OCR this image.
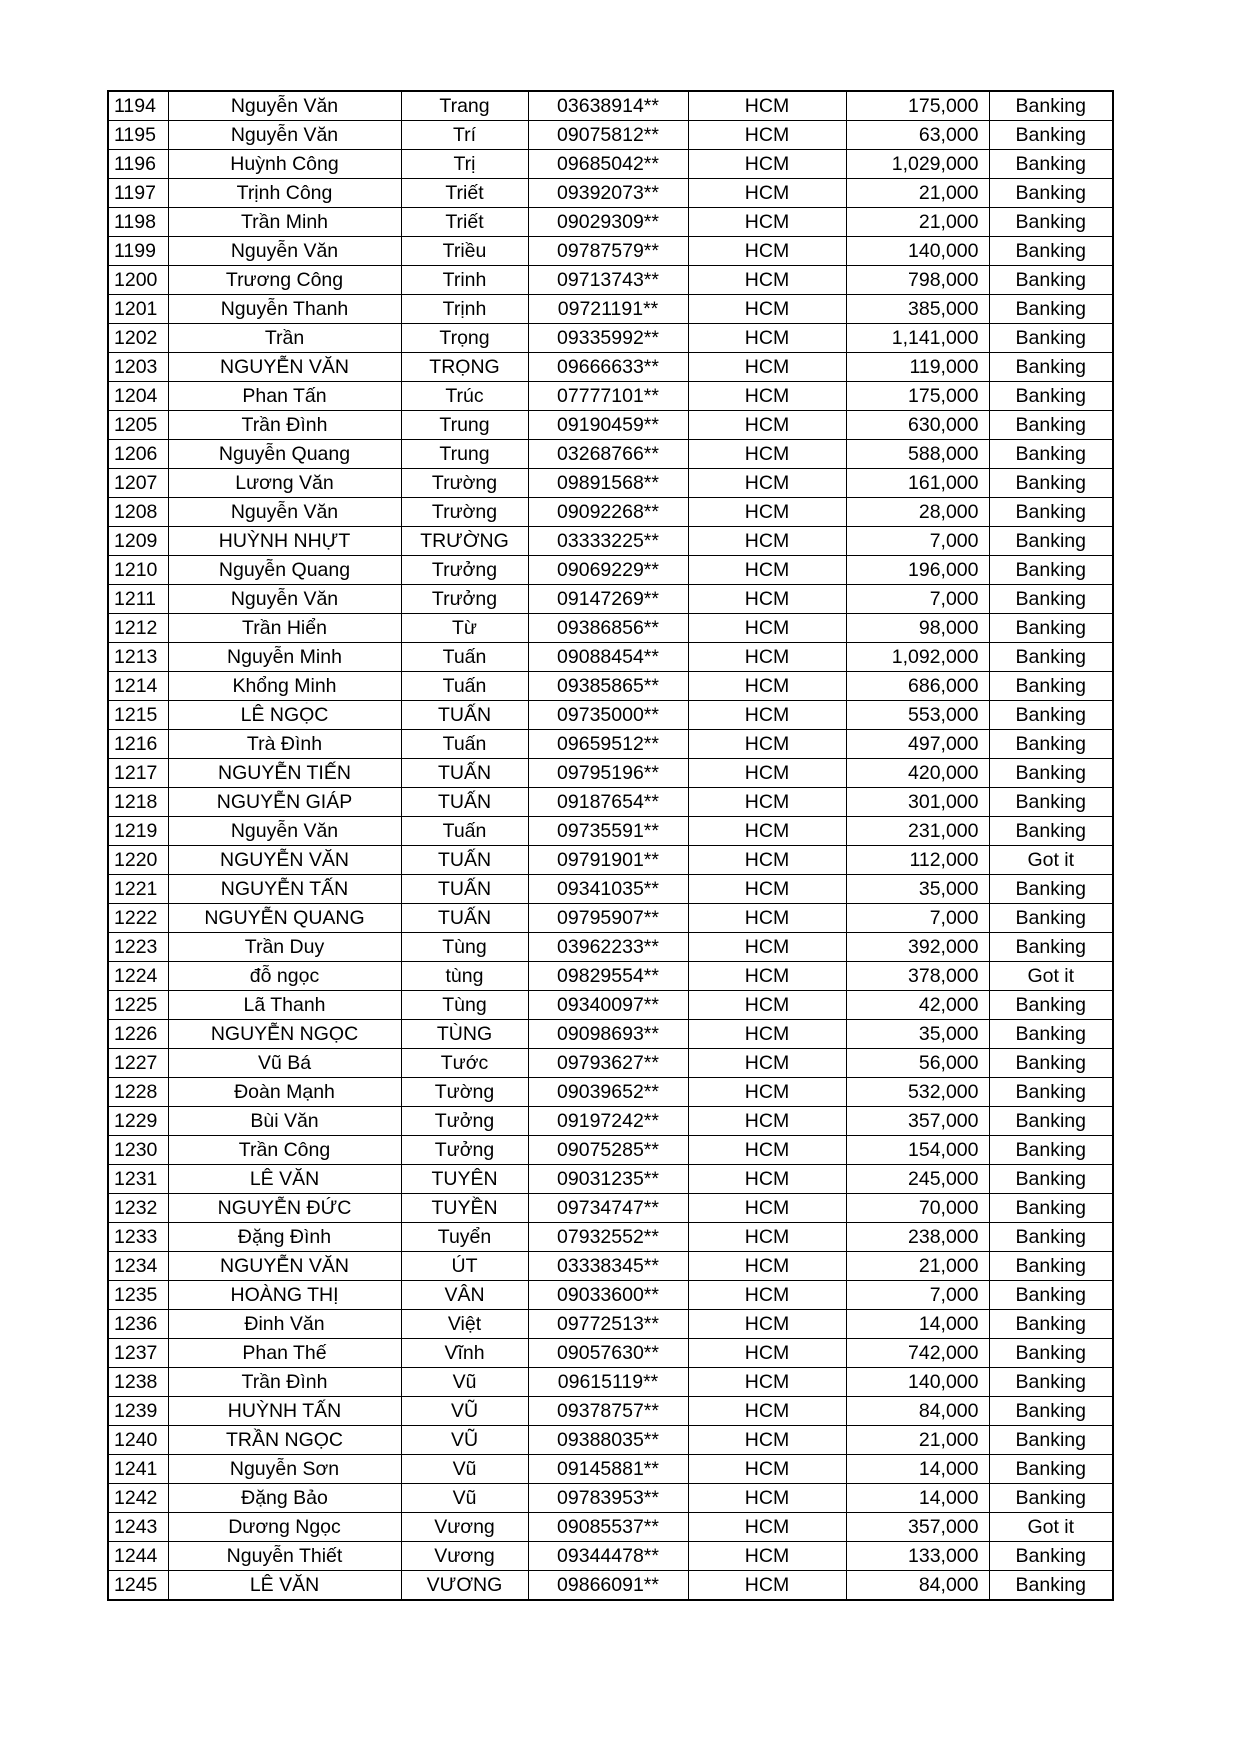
1194	Nguyễn Văn	Trang	03638914**	HCM	175,000	Banking
1195	Nguyễn Văn	Trí	09075812**	HCM	63,000	Banking
1196	Huỳnh Công	Trị	09685042**	HCM	1,029,000	Banking
1197	Trịnh Công	Triết	09392073**	HCM	21,000	Banking
1198	Trần Minh	Triết	09029309**	HCM	21,000	Banking
1199	Nguyễn Văn	Triều	09787579**	HCM	140,000	Banking
1200	Trương Công	Trinh	09713743**	HCM	798,000	Banking
1201	Nguyễn Thanh	Trịnh	09721191**	HCM	385,000	Banking
1202	Trần	Trọng	09335992**	HCM	1,141,000	Banking
1203	NGUYỄN VĂN	TRỌNG	09666633**	HCM	119,000	Banking
1204	Phan Tấn	Trúc	07777101**	HCM	175,000	Banking
1205	Trần Đình	Trung	09190459**	HCM	630,000	Banking
1206	Nguyễn Quang	Trung	03268766**	HCM	588,000	Banking
1207	Lương Văn	Trường	09891568**	HCM	161,000	Banking
1208	Nguyễn Văn	Trường	09092268**	HCM	28,000	Banking
1209	HUỲNH NHỰT	TRƯỜNG	03333225**	HCM	7,000	Banking
1210	Nguyễn Quang	Trưởng	09069229**	HCM	196,000	Banking
1211	Nguyễn Văn	Trưởng	09147269**	HCM	7,000	Banking
1212	Trần Hiển	Từ	09386856**	HCM	98,000	Banking
1213	Nguyễn Minh	Tuấn	09088454**	HCM	1,092,000	Banking
1214	Khổng Minh	Tuấn	09385865**	HCM	686,000	Banking
1215	LÊ NGỌC	TUẤN	09735000**	HCM	553,000	Banking
1216	Trà Đình	Tuấn	09659512**	HCM	497,000	Banking
1217	NGUYỄN TIẾN	TUẤN	09795196**	HCM	420,000	Banking
1218	NGUYỄN GIÁP	TUẤN	09187654**	HCM	301,000	Banking
1219	Nguyễn Văn	Tuấn	09735591**	HCM	231,000	Banking
1220	NGUYỄN VĂN	TUẤN	09791901**	HCM	112,000	Got it
1221	NGUYỄN TẤN	TUẤN	09341035**	HCM	35,000	Banking
1222	NGUYỄN QUANG	TUẤN	09795907**	HCM	7,000	Banking
1223	Trần Duy	Tùng	03962233**	HCM	392,000	Banking
1224	đỗ ngọc	tùng	09829554**	HCM	378,000	Got it
1225	Lã Thanh	Tùng	09340097**	HCM	42,000	Banking
1226	NGUYỄN NGỌC	TÙNG	09098693**	HCM	35,000	Banking
1227	Vũ Bá	Tước	09793627**	HCM	56,000	Banking
1228	Đoàn Mạnh	Tường	09039652**	HCM	532,000	Banking
1229	Bùi Văn	Tưởng	09197242**	HCM	357,000	Banking
1230	Trần Công	Tưởng	09075285**	HCM	154,000	Banking
1231	LÊ VĂN	TUYÊN	09031235**	HCM	245,000	Banking
1232	NGUYỄN ĐỨC	TUYỀN	09734747**	HCM	70,000	Banking
1233	Đặng Đình	Tuyển	07932552**	HCM	238,000	Banking
1234	NGUYỄN VĂN	ÚT	03338345**	HCM	21,000	Banking
1235	HOÀNG THỊ	VÂN	09033600**	HCM	7,000	Banking
1236	Đinh Văn	Việt	09772513**	HCM	14,000	Banking
1237	Phan Thế	Vĩnh	09057630**	HCM	742,000	Banking
1238	Trần Đình	Vũ	09615119**	HCM	140,000	Banking
1239	HUỲNH TẤN	VŨ	09378757**	HCM	84,000	Banking
1240	TRẦN NGỌC	VŨ	09388035**	HCM	21,000	Banking
1241	Nguyễn Sơn	Vũ	09145881**	HCM	14,000	Banking
1242	Đặng Bảo	Vũ	09783953**	HCM	14,000	Banking
1243	Dương Ngọc	Vương	09085537**	HCM	357,000	Got it
1244	Nguyễn Thiết	Vương	09344478**	HCM	133,000	Banking
1245	LÊ VĂN	VƯƠNG	09866091**	HCM	84,000	Banking
